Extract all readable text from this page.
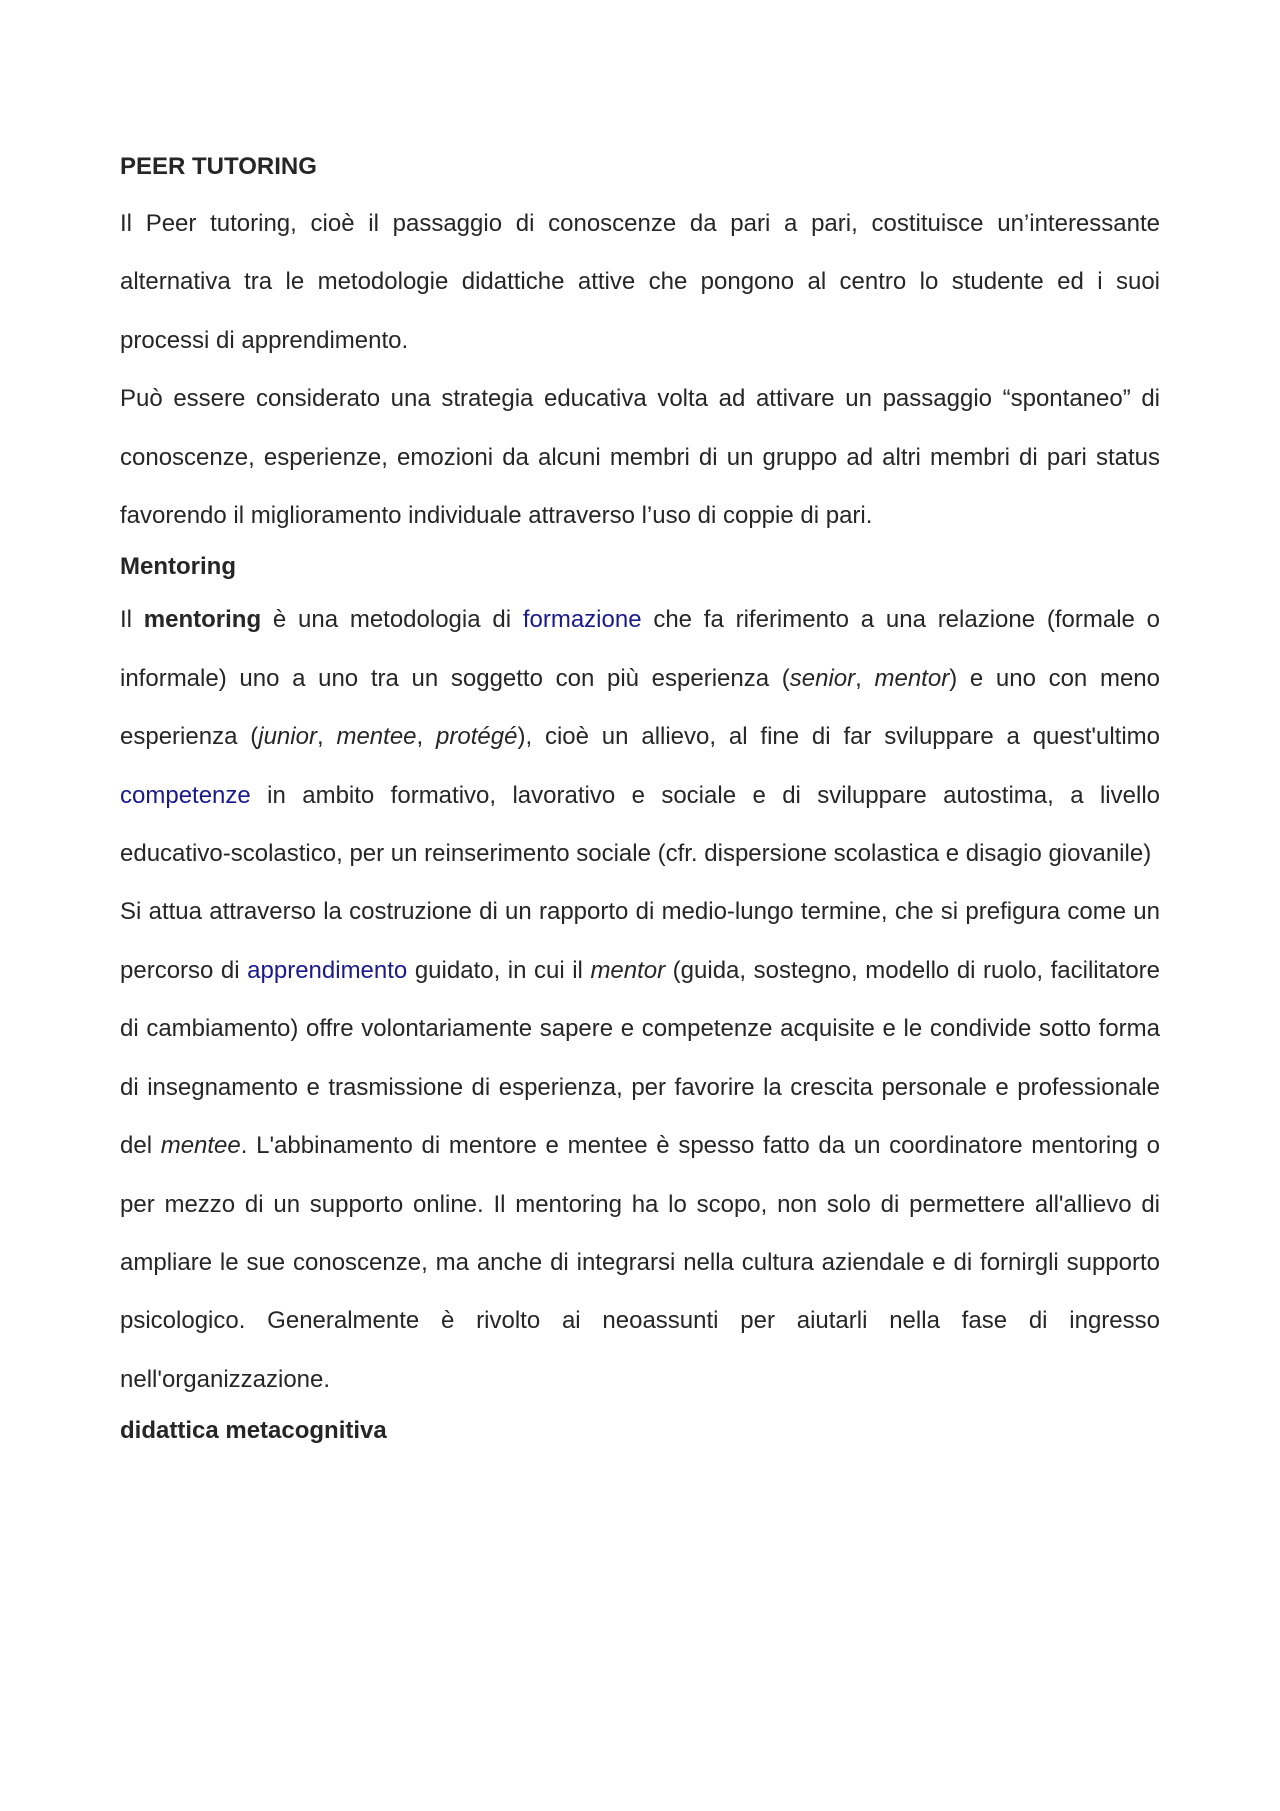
PEER TUTORING

Il Peer tutoring, cioè il passaggio di conoscenze da pari a pari, costituisce un’interessante alternativa tra le metodologie didattiche attive che pongono al centro lo studente ed i suoi processi di apprendimento.

Può essere considerato una strategia educativa volta ad attivare un passaggio “spontaneo” di conoscenze, esperienze, emozioni da alcuni membri di un gruppo ad altri membri di pari status favorendo il miglioramento individuale attraverso l’uso di coppie di pari.

Mentoring

Il mentoring è una metodologia di formazione che fa riferimento a una relazione (formale o informale) uno a uno tra un soggetto con più esperienza (senior, mentor) e uno con meno esperienza (junior, mentee, protégé), cioè un allievo, al fine di far sviluppare a quest'ultimo competenze in ambito formativo, lavorativo e sociale e di sviluppare autostima, a livello educativo-scolastico, per un reinserimento sociale (cfr. dispersione scolastica e disagio giovanile)

Si attua attraverso la costruzione di un rapporto di medio-lungo termine, che si prefigura come un percorso di apprendimento guidato, in cui il mentor (guida, sostegno, modello di ruolo, facilitatore di cambiamento) offre volontariamente sapere e competenze acquisite e le condivide sotto forma di insegnamento e trasmissione di esperienza, per favorire la crescita personale e professionale del mentee. L'abbinamento di mentore e mentee è spesso fatto da un coordinatore mentoring o per mezzo di un supporto online. Il mentoring ha lo scopo, non solo di permettere all'allievo di ampliare le sue conoscenze, ma anche di integrarsi nella cultura aziendale e di fornirgli supporto psicologico. Generalmente è rivolto ai neoassunti per aiutarli nella fase di ingresso nell'organizzazione.

didattica metacognitiva
